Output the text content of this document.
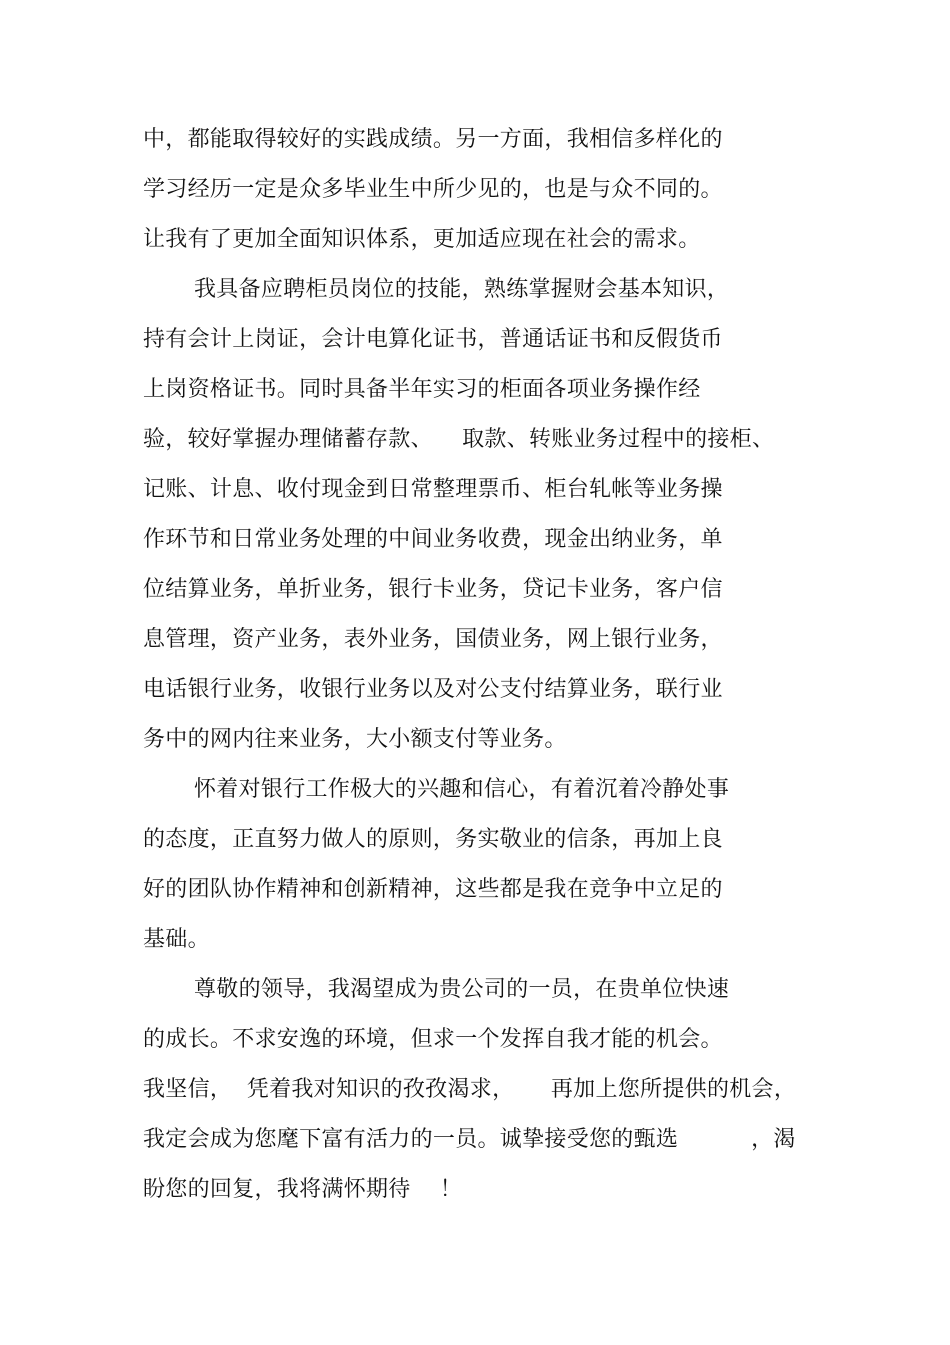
中，都能取得较好的实践成绩。另一方面，我相信多样化的
学习经历一定是众多毕业生中所少见的，也是与众不同的。
让我有了更加全面知识体系，更加适应现在社会的需求。
我具备应聘柜员岗位的技能，熟练掌握财会基本知识，
持有会计上岗证，会计电算化证书，普通话证书和反假货币
上岗资格证书。同时具备半年实习的柜面各项业务操作经
验，较好掌握办理储蓄存款、    取款、转账业务过程中的接柜、
记账、计息、收付现金到日常整理票币、柜台轧帐等业务操
作环节和日常业务处理的中间业务收费，现金出纳业务，单
位结算业务，单折业务，银行卡业务，贷记卡业务，客户信
息管理，资产业务，表外业务，国债业务，网上银行业务，
电话银行业务，收银行业务以及对公支付结算业务，联行业
务中的网内往来业务，大小额支付等业务。
怀着对银行工作极大的兴趣和信心，有着沉着冷静处事
的态度，正直努力做人的原则，务实敬业的信条，再加上良
好的团队协作精神和创新精神，这些都是我在竞争中立足的
基础。
尊敬的领导，我渴望成为贵公司的一员，在贵单位快速
的成长。不求安逸的环境，但求一个发挥自我才能的机会。
我坚信，  凭着我对知识的孜孜渴求，     再加上您所提供的机会，
我定会成为您麾下富有活力的一员。诚挚接受您的甄选          ，渴
盼您的回复，我将满怀期待    ！
